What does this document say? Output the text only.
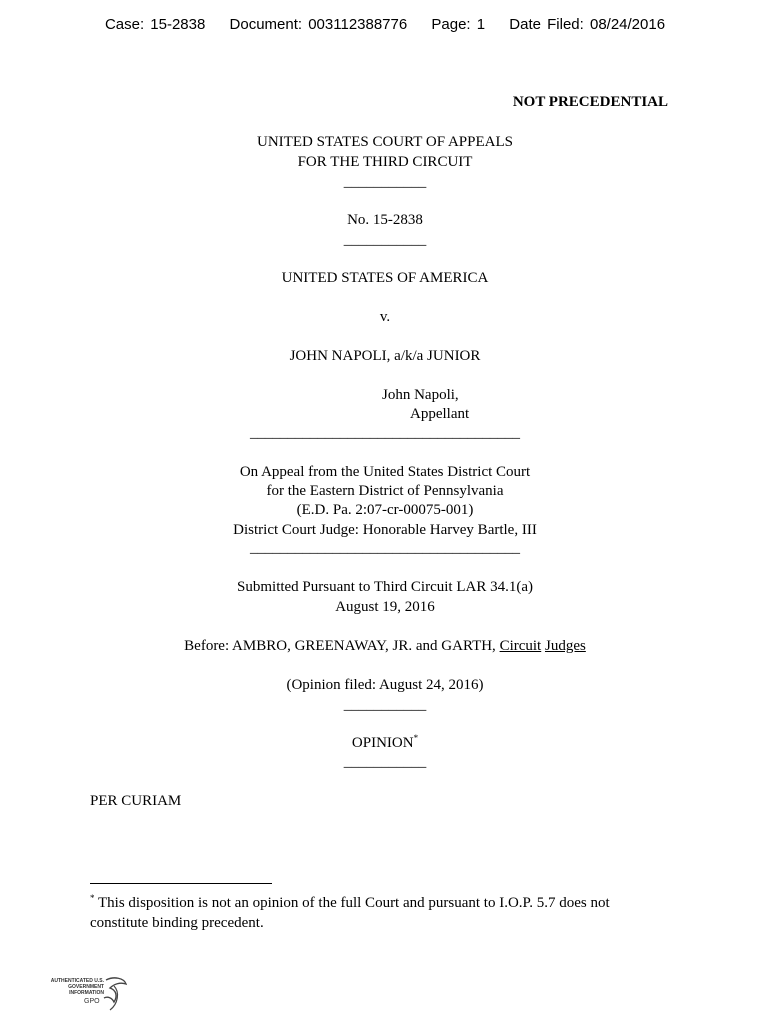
Case: 15-2838 Document: 003112388776 Page: 1 Date Filed: 08/24/2016
NOT PRECEDENTIAL
UNITED STATES COURT OF APPEALS
FOR THE THIRD CIRCUIT
___________
No. 15-2838
___________
UNITED STATES OF AMERICA
v.
JOHN NAPOLI, a/k/a JUNIOR
John Napoli,
Appellant
____________________________________
On Appeal from the United States District Court
for the Eastern District of Pennsylvania
(E.D. Pa. 2:07-cr-00075-001)
District Court Judge: Honorable Harvey Bartle, III
____________________________________
Submitted Pursuant to Third Circuit LAR 34.1(a)
August 19, 2016
Before: AMBRO, GREENAWAY, JR. and GARTH, Circuit Judges
(Opinion filed: August 24, 2016)
___________
OPINION*
___________
PER CURIAM
* This disposition is not an opinion of the full Court and pursuant to I.O.P. 5.7 does not
constitute binding precedent.
AUTHENTICATED U.S. GOVERNMENT INFORMATION
GPO
